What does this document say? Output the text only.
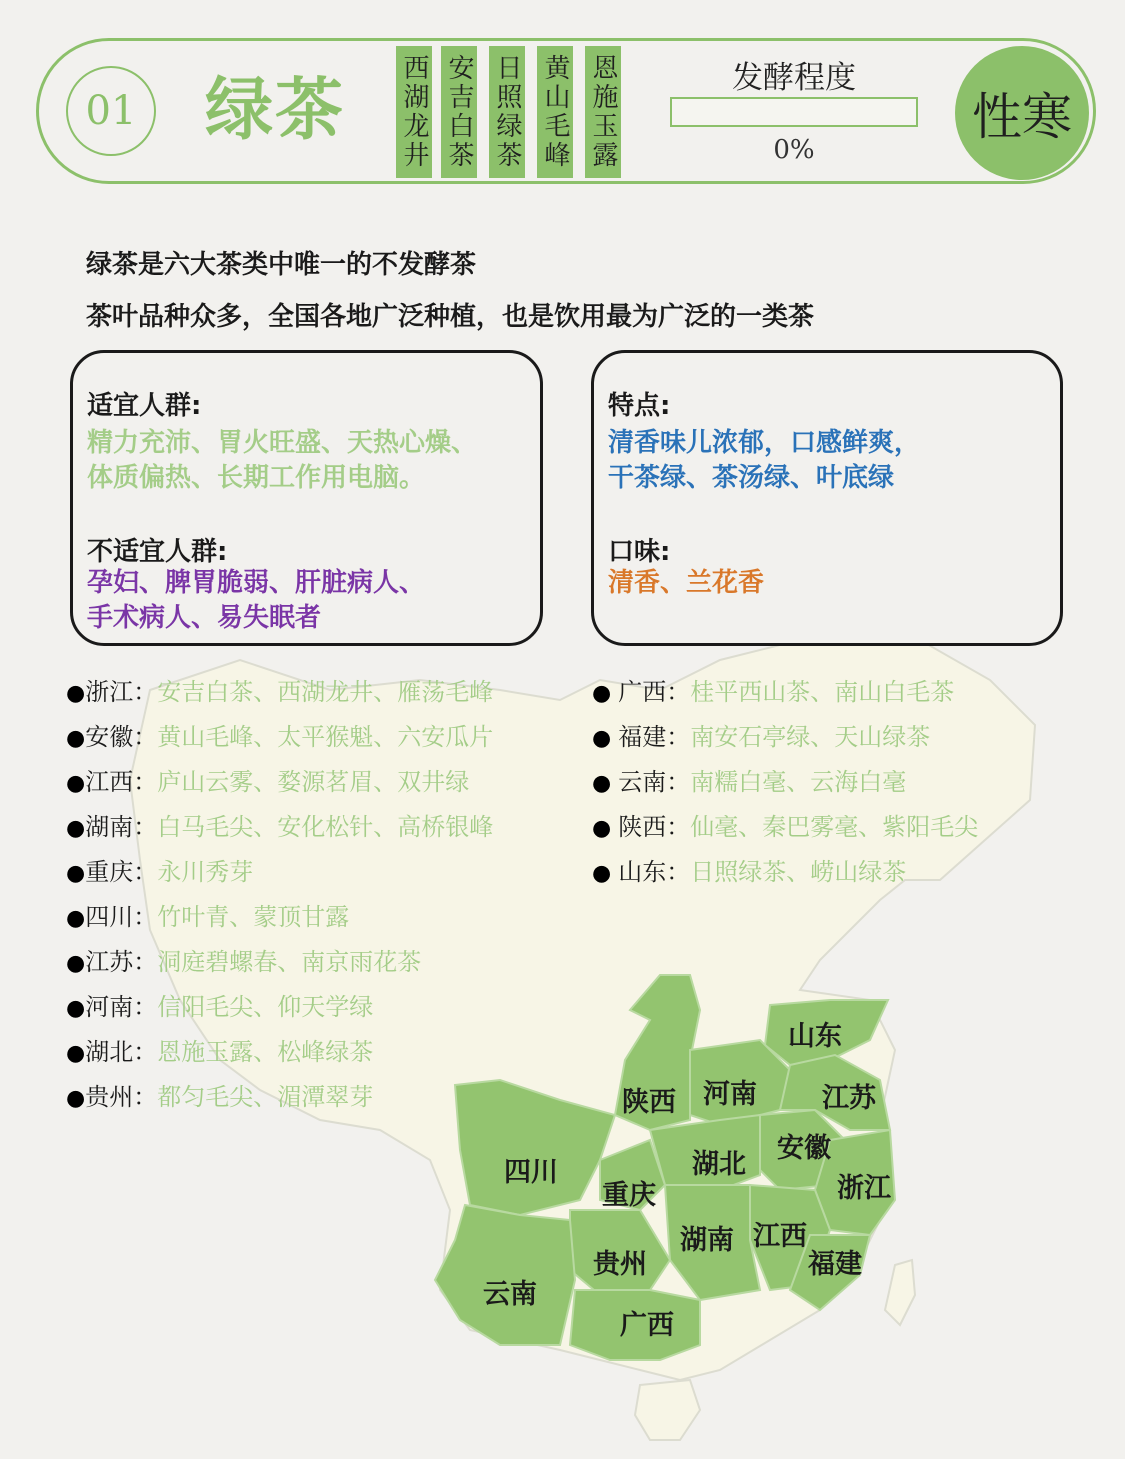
01 绿茶 西湖龙井 安吉白茶 日照绿茶 黄山毛峰 恩施玉露	发酵程度
0%
性寒
绿茶是六大茶类中唯一的不发酵茶
茶叶品种众多，全国各地广泛种植，也是饮用最为广泛的一类茶
适宜人群:
精力充沛、胃火旺盛、天热心燥、
体质偏热、长期工作用电脑。
不适宜人群:
孕妇、脾胃脆弱、肝脏病人、
手术病人、易失眠者
特点:
清香味儿浓郁，口感鲜爽，
干茶绿、茶汤绿、叶底绿
口味:
清香、兰花香
●浙江：安吉白茶、西湖龙井、雁荡毛峰
●安徽：黄山毛峰、太平猴魁、六安瓜片
●江西：庐山云雾、婺源茗眉、双井绿
●湖南：白马毛尖、安化松针、高桥银峰
●重庆：永川秀芽
●四川：竹叶青、蒙顶甘露
●江苏：洞庭碧螺春、南京雨花茶
●河南：信阳毛尖、仰天学绿
●湖北：恩施玉露、松峰绿茶
●贵州：都匀毛尖、湄潭翠芽
● 广西：桂平西山茶、南山白毛茶
● 福建：南安石亭绿、天山绿茶
● 云南：南糯白毫、云海白毫
● 陕西：仙毫、秦巴雾毫、紫阳毛尖
● 山东：日照绿茶、崂山绿茶
山东
陕西 河南 江苏
四川
安徽
湖北
重庆	浙江
湖南 江西
贵州	福建
云南
广西
